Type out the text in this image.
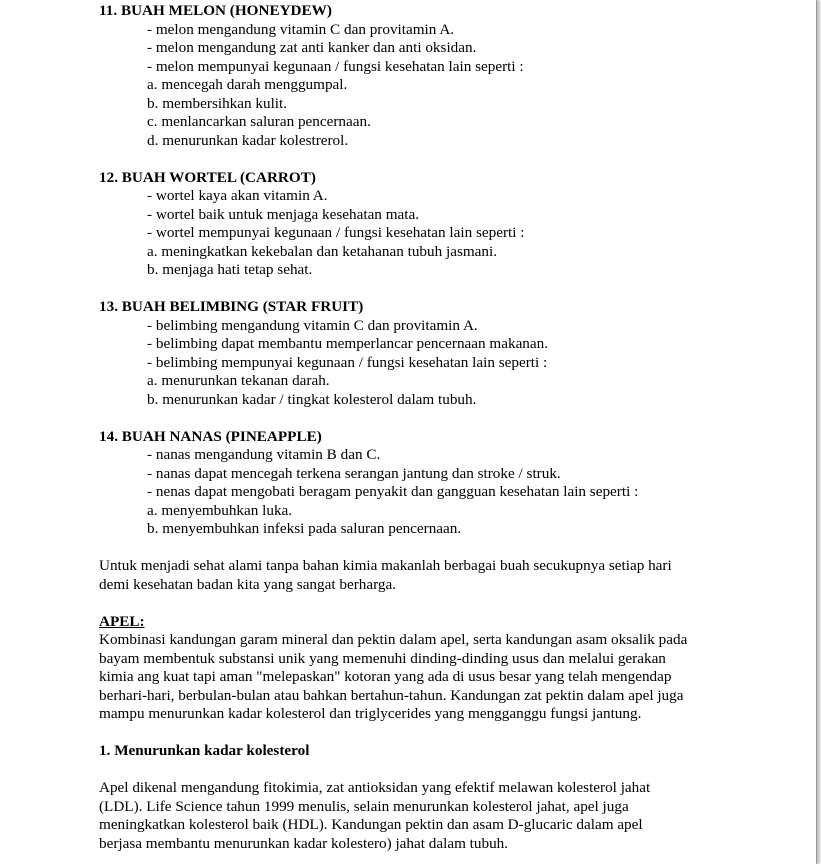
11. BUAH MELON (HONEYDEW)
- melon mengandung vitamin C dan provitamin A.
- melon mengandung zat anti kanker dan anti oksidan.
- melon mempunyai kegunaan / fungsi kesehatan lain seperti :
a. mencegah darah menggumpal.
b. membersihkan kulit.
c. menlancarkan saluran pencernaan.
d. menurunkan kadar kolestrerol.
12. BUAH WORTEL (CARROT)
- wortel kaya akan vitamin A.
- wortel baik untuk menjaga kesehatan mata.
- wortel mempunyai kegunaan / fungsi kesehatan lain seperti :
a. meningkatkan kekebalan dan ketahanan tubuh jasmani.
b. menjaga hati tetap sehat.
13. BUAH BELIMBING (STAR FRUIT)
- belimbing mengandung vitamin C dan provitamin A.
- belimbing dapat membantu memperlancar pencernaan makanan.
- belimbing mempunyai kegunaan / fungsi kesehatan lain seperti :
a. menurunkan tekanan darah.
b. menurunkan kadar / tingkat kolesterol dalam tubuh.
14. BUAH NANAS (PINEAPPLE)
- nanas mengandung vitamin B dan C.
- nanas dapat mencegah terkena serangan jantung dan stroke / struk.
- nenas dapat mengobati beragam penyakit dan gangguan kesehatan lain seperti :
a. menyembuhkan luka.
b. menyembuhkan infeksi pada saluran pencernaan.
Untuk menjadi sehat alami tanpa bahan kimia makanlah berbagai buah secukupnya setiap hari
demi kesehatan badan kita yang sangat berharga.
APEL:
Kombinasi kandungan garam mineral dan pektin dalam apel, serta kandungan asam oksalik pada
bayam membentuk substansi unik yang memenuhi dinding-dinding usus dan melalui gerakan
kimia ang kuat tapi aman "melepaskan" kotoran yang ada di usus besar yang telah mengendap
berhari-hari, berbulan-bulan atau bahkan bertahun-tahun. Kandungan zat pektin dalam apel juga
mampu menurunkan kadar kolesterol dan triglycerides yang mengganggu fungsi jantung.
1. Menurunkan kadar kolesterol
Apel dikenal mengandung fitokimia, zat antioksidan yang efektif melawan kolesterol jahat
(LDL). Life Science tahun 1999 menulis, selain menurunkan kolesterol jahat, apel juga
meningkatkan kolesterol baik (HDL). Kandungan pektin dan asam D-glucaric dalam apel
berjasa membantu menurunkan kadar kolestero) jahat dalam tubuh.
